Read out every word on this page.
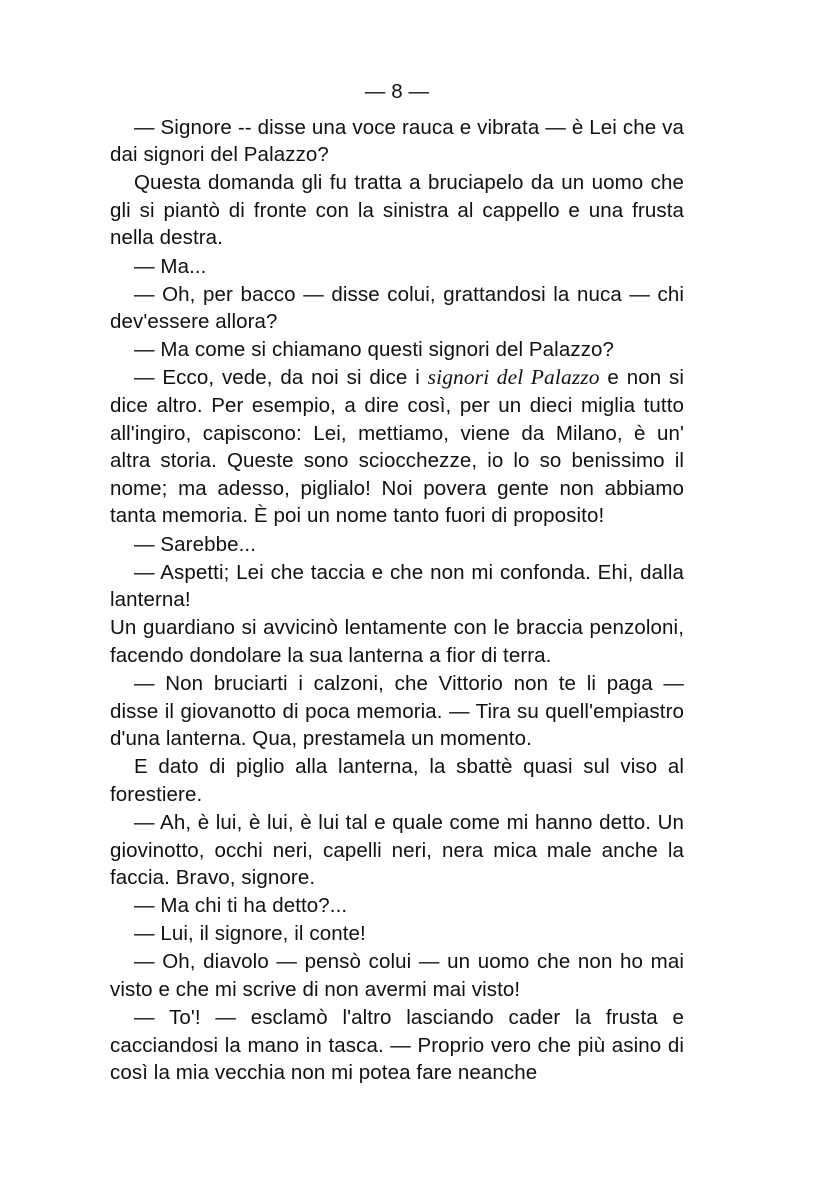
— 8 —

— Signore -- disse una voce rauca e vibrata — è Lei che va dai signori del Palazzo?

Questa domanda gli fu tratta a bruciapelo da un uomo che gli si piantò di fronte con la sinistra al cappello e una frusta nella destra.

— Ma...

— Oh, per bacco — disse colui, grattandosi la nuca — chi dev'essere allora?

— Ma come si chiamano questi signori del Palazzo?

— Ecco, vede, da noi si dice i signori del Palazzo e non si dice altro. Per esempio, a dire così, per un dieci miglia tutto all'ingiro, capiscono: Lei, mettiamo, viene da Milano, è un' altra storia. Queste sono sciocchezze, io lo so benissimo il nome; ma adesso, piglialo! Noi povera gente non abbiamo tanta memoria. È poi un nome tanto fuori di proposito!

— Sarebbe...

— Aspetti; Lei che taccia e che non mi confonda. Ehi, dalla lanterna!

Un guardiano si avvicinò lentamente con le braccia penzoloni, facendo dondolare la sua lanterna a fior di terra.

— Non bruciarti i calzoni, che Vittorio non te li paga — disse il giovanotto di poca memoria. — Tira su quell'empiastro d'una lanterna. Qua, prestamela un momento.

E dato di piglio alla lanterna, la sbattè quasi sul viso al forestiere.

— Ah, è lui, è lui, è lui tal e quale come mi hanno detto. Un giovinotto, occhi neri, capelli neri, nera mica male anche la faccia. Bravo, signore.

— Ma chi ti ha detto?...

— Lui, il signore, il conte!

— Oh, diavolo — pensò colui — un uomo che non ho mai visto e che mi scrive di non avermi mai visto!

— To'! — esclamò l'altro lasciando cader la frusta e cacciandosi la mano in tasca. — Proprio vero che più asino di così la mia vecchia non mi potea fare neanche
